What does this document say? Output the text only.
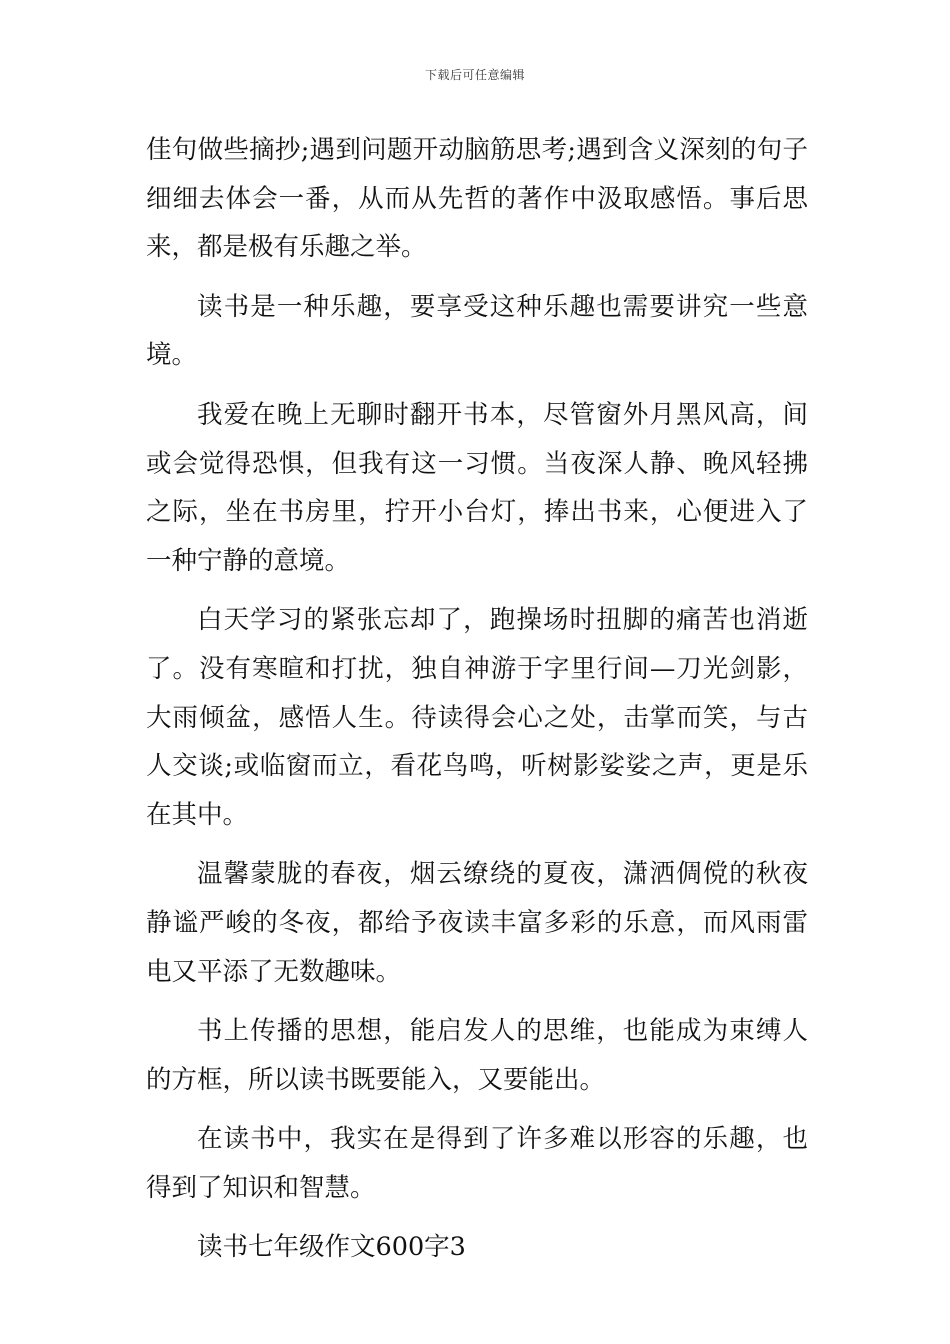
下载后可任意编辑

佳句做些摘抄;遇到问题开动脑筋思考;遇到含义深刻的句子细细去体会一番，从而从先哲的著作中汲取感悟。事后思来，都是极有乐趣之举。

读书是一种乐趣，要享受这种乐趣也需要讲究一些意境。

我爱在晚上无聊时翻开书本，尽管窗外月黑风高，间或会觉得恐惧，但我有这一习惯。当夜深人静、晚风轻拂之际，坐在书房里，拧开小台灯，捧出书来，心便进入了一种宁静的意境。

白天学习的紧张忘却了，跑操场时扭脚的痛苦也消逝了。没有寒暄和打扰，独自神游于字里行间—刀光剑影，大雨倾盆，感悟人生。待读得会心之处，击掌而笑，与古人交谈;或临窗而立，看花鸟鸣，听树影娑娑之声，更是乐在其中。

温馨蒙胧的春夜，烟云缭绕的夏夜，潇洒倜傥的秋夜静谧严峻的冬夜，都给予夜读丰富多彩的乐意，而风雨雷电又平添了无数趣味。

书上传播的思想，能启发人的思维，也能成为束缚人的方框，所以读书既要能入，又要能出。

在读书中，我实在是得到了许多难以形容的乐趣，也得到了知识和智慧。

读书七年级作文600字3
